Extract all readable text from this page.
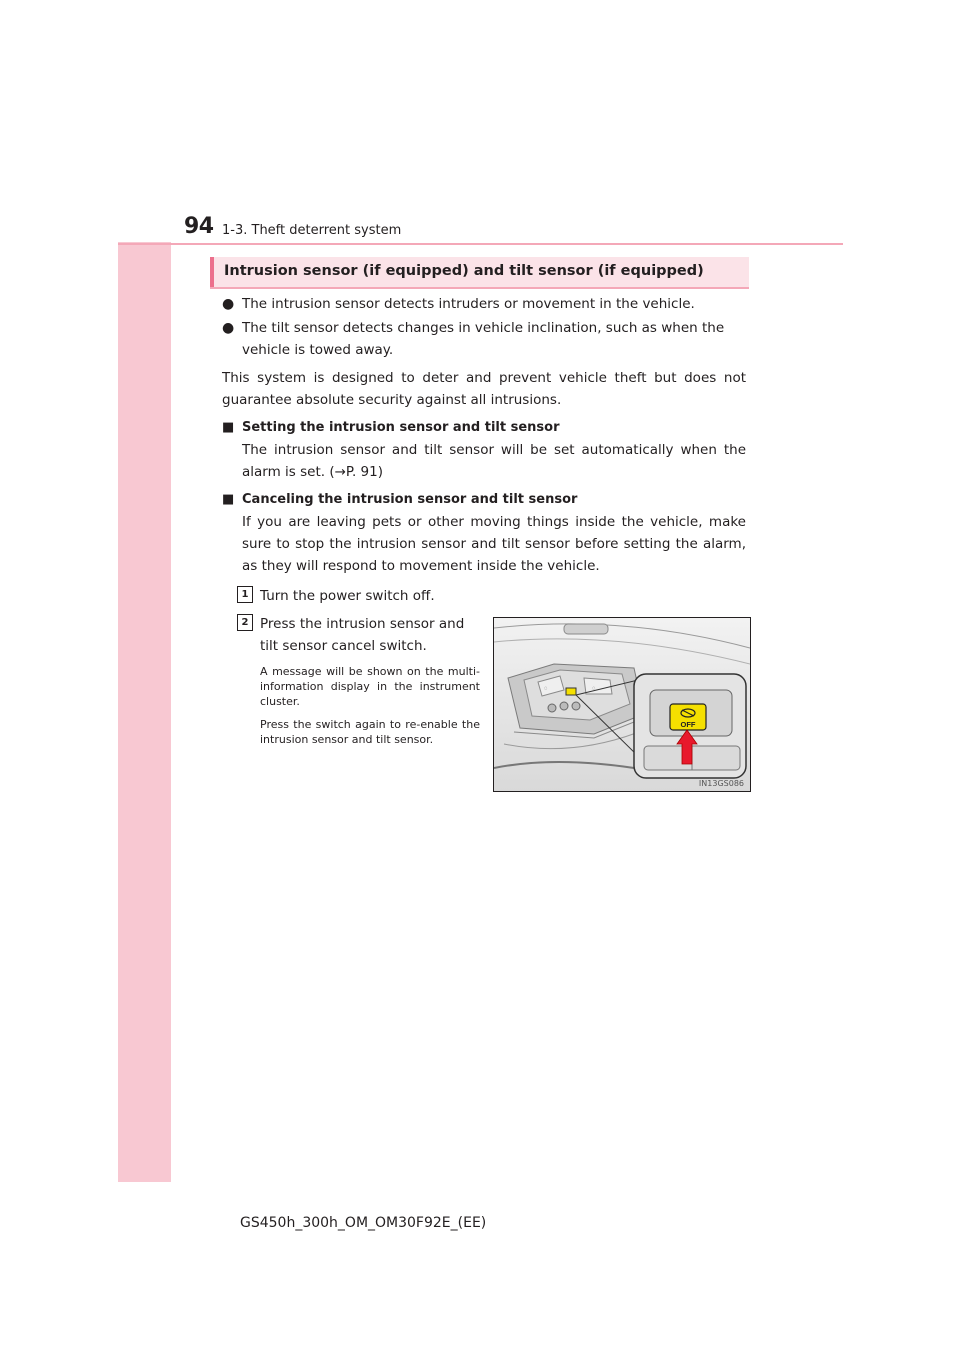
94 1-3. Theft deterrent system
Intrusion sensor (if equipped) and tilt sensor (if equipped)

● The intrusion sensor detects intruders or movement in the vehicle.

● The tilt sensor detects changes in vehicle inclination, such as when the vehicle is towed away.

This system is designed to deter and prevent vehicle theft but does not guarantee absolute security against all intrusions.

■ Setting the intrusion sensor and tilt sensor

The intrusion sensor and tilt sensor will be set automatically when the alarm is set. (→P. 91)

■ Canceling the intrusion sensor and tilt sensor

If you are leaving pets or other moving things inside the vehicle, make sure to stop the intrusion sensor and tilt sensor before setting the alarm, as they will respond to movement inside the vehicle.

1 Turn the power switch off.
2 Press the intrusion sensor and tilt sensor cancel switch.
A message will be shown on the multi-information display in the instrument cluster.
Press the switch again to re-enable the intrusion sensor and tilt sensor.
◌	◌
OFF
IN13GS086
GS450h_300h_OM_OM30F92E_(EE)
